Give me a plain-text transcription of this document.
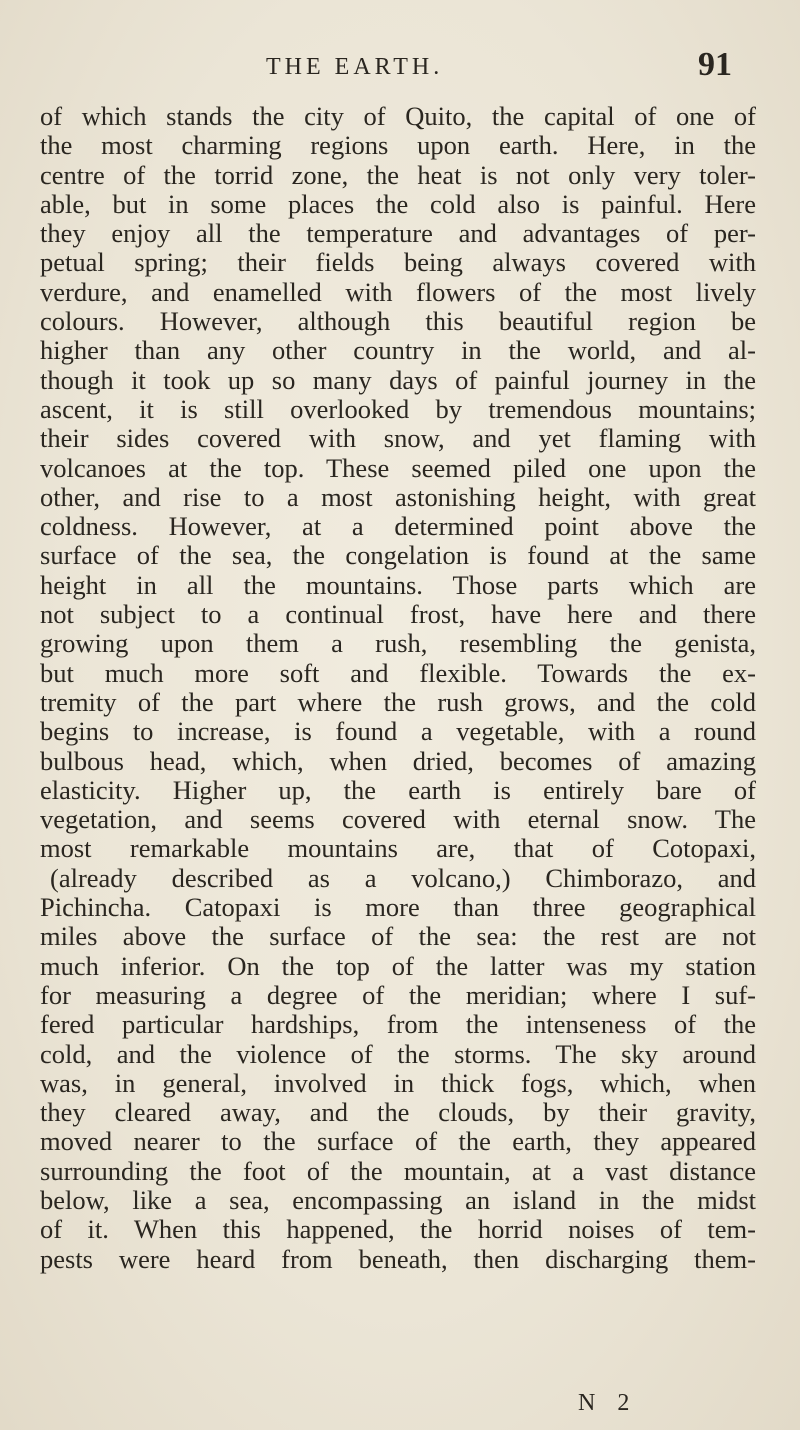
THE EARTH.	91
of which stands the city of Quito, the capital of one of
the most charming regions upon earth. Here, in the
centre of the torrid zone, the heat is not only very toler-
able, but in some places the cold also is painful. Here
they enjoy all the temperature and advantages of per-
petual spring; their fields being always covered with
verdure, and enamelled with flowers of the most lively
colours. However, although this beautiful region be
higher than any other country in the world, and al-
though it took up so many days of painful journey in the
ascent, it is still overlooked by tremendous mountains;
their sides covered with snow, and yet flaming with
volcanoes at the top. These seemed piled one upon the
other, and rise to a most astonishing height, with great
coldness. However, at a determined point above the
surface of the sea, the congelation is found at the same
height in all the mountains. Those parts which are
not subject to a continual frost, have here and there
growing upon them a rush, resembling the genista,
but much more soft and flexible. Towards the ex-
tremity of the part where the rush grows, and the cold
begins to increase, is found a vegetable, with a round
bulbous head, which, when dried, becomes of amazing
elasticity. Higher up, the earth is entirely bare of
vegetation, and seems covered with eternal snow. The
most remarkable mountains are, that of Cotopaxi,
(already described as a volcano,) Chimborazo, and
Pichincha. Catopaxi is more than three geographical
miles above the surface of the sea: the rest are not
much inferior. On the top of the latter was my station
for measuring a degree of the meridian; where I suf-
fered particular hardships, from the intenseness of the
cold, and the violence of the storms. The sky around
was, in general, involved in thick fogs, which, when
they cleared away, and the clouds, by their gravity,
moved nearer to the surface of the earth, they appeared
surrounding the foot of the mountain, at a vast distance
below, like a sea, encompassing an island in the midst
of it. When this happened, the horrid noises of tem-
pests were heard from beneath, then discharging them-
N 2
